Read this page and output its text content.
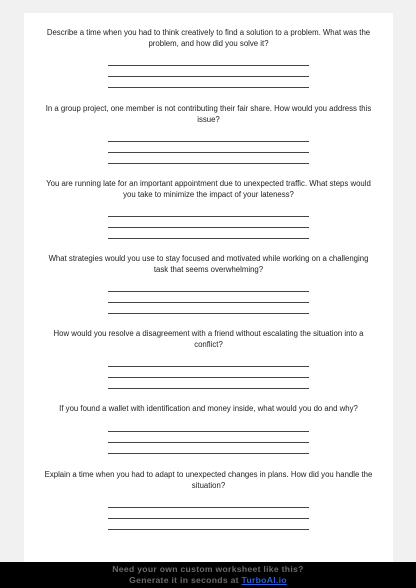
Describe a time when you had to think creatively to find a solution to a problem. What was the problem, and how did you solve it?
In a group project, one member is not contributing their fair share. How would you address this issue?
You are running late for an important appointment due to unexpected traffic. What steps would you take to minimize the impact of your lateness?
What strategies would you use to stay focused and motivated while working on a challenging task that seems overwhelming?
How would you resolve a disagreement with a friend without escalating the situation into a conflict?
If you found a wallet with identification and money inside, what would you do and why?
Explain a time when you had to adapt to unexpected changes in plans. How did you handle the situation?
Need your own custom worksheet like this?
Generate it in seconds at TurboAI.io
